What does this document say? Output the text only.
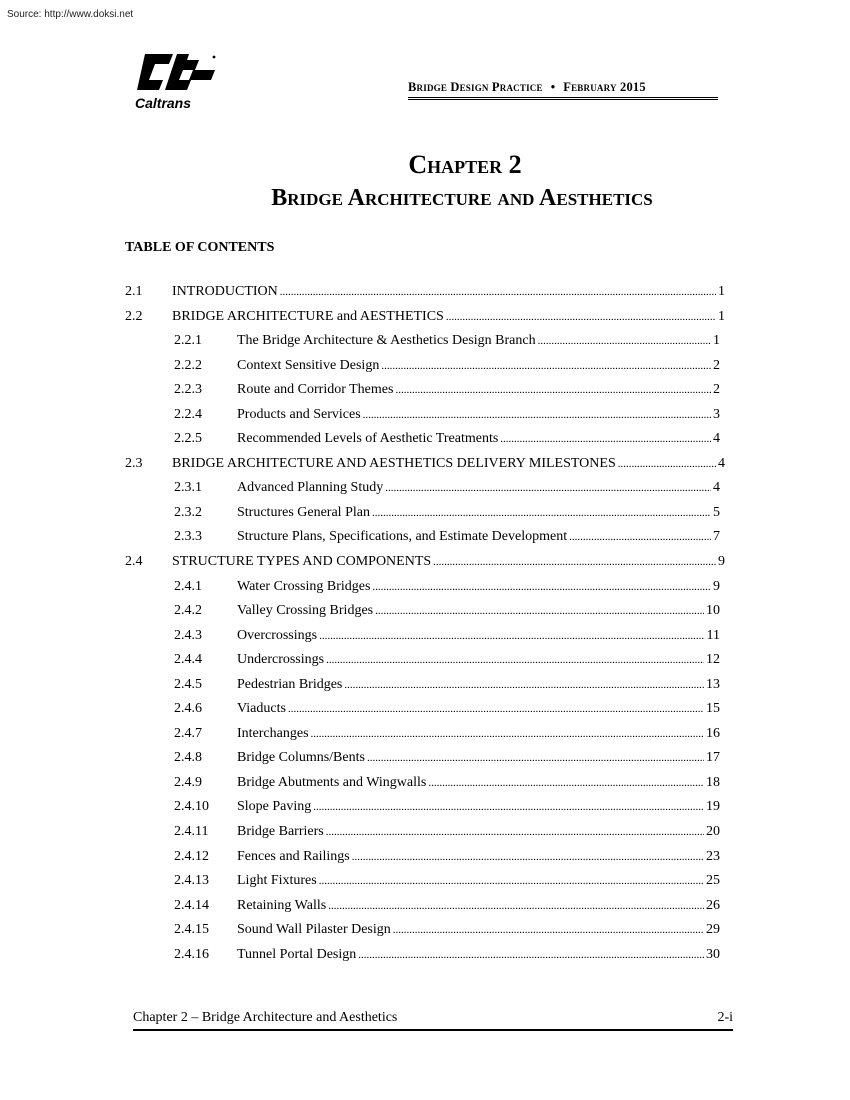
Source: http://www.doksi.net
Caltrans
Bridge Design Practice • February 2015
Chapter 2
Bridge Architecture and Aesthetics
TABLE OF CONTENTS
2.1 INTRODUCTION .....	1
2.2 BRIDGE ARCHITECTURE and AESTHETICS .....	1
2.2.1	The Bridge Architecture & Aesthetics Design Branch .....	1
2.2.2	Context Sensitive Design .....	2
2.2.3	Route and Corridor Themes .....	2
2.2.4	Products and Services .....	3
2.2.5	Recommended Levels of Aesthetic Treatments .....	4
2.3 BRIDGE ARCHITECTURE AND AESTHETICS DELIVERY MILESTONES .....	4
2.3.1	Advanced Planning Study .....	4
2.3.2	Structures General Plan .....	5
2.3.3	Structure Plans, Specifications, and Estimate Development .....	7
2.4 STRUCTURE TYPES AND COMPONENTS .....	9
2.4.1	Water Crossing Bridges .....	9
2.4.2	Valley Crossing Bridges .....	10
2.4.3	Overcrossings .....	11
2.4.4	Undercrossings .....	12
2.4.5	Pedestrian Bridges .....	13
2.4.6	Viaducts .....	15
2.4.7	Interchanges .....	16
2.4.8	Bridge Columns/Bents .....	17
2.4.9	Bridge Abutments and Wingwalls .....	18
2.4.10 Slope Paving .....	19
2.4.11 Bridge Barriers .....	20
2.4.12 Fences and Railings .....	23
2.4.13 Light Fixtures .....	25
2.4.14 Retaining Walls .....	26
2.4.15 Sound Wall Pilaster Design .....	29
2.4.16 Tunnel Portal Design .....	30
Chapter 2 – Bridge Architecture and Aesthetics	2-i
